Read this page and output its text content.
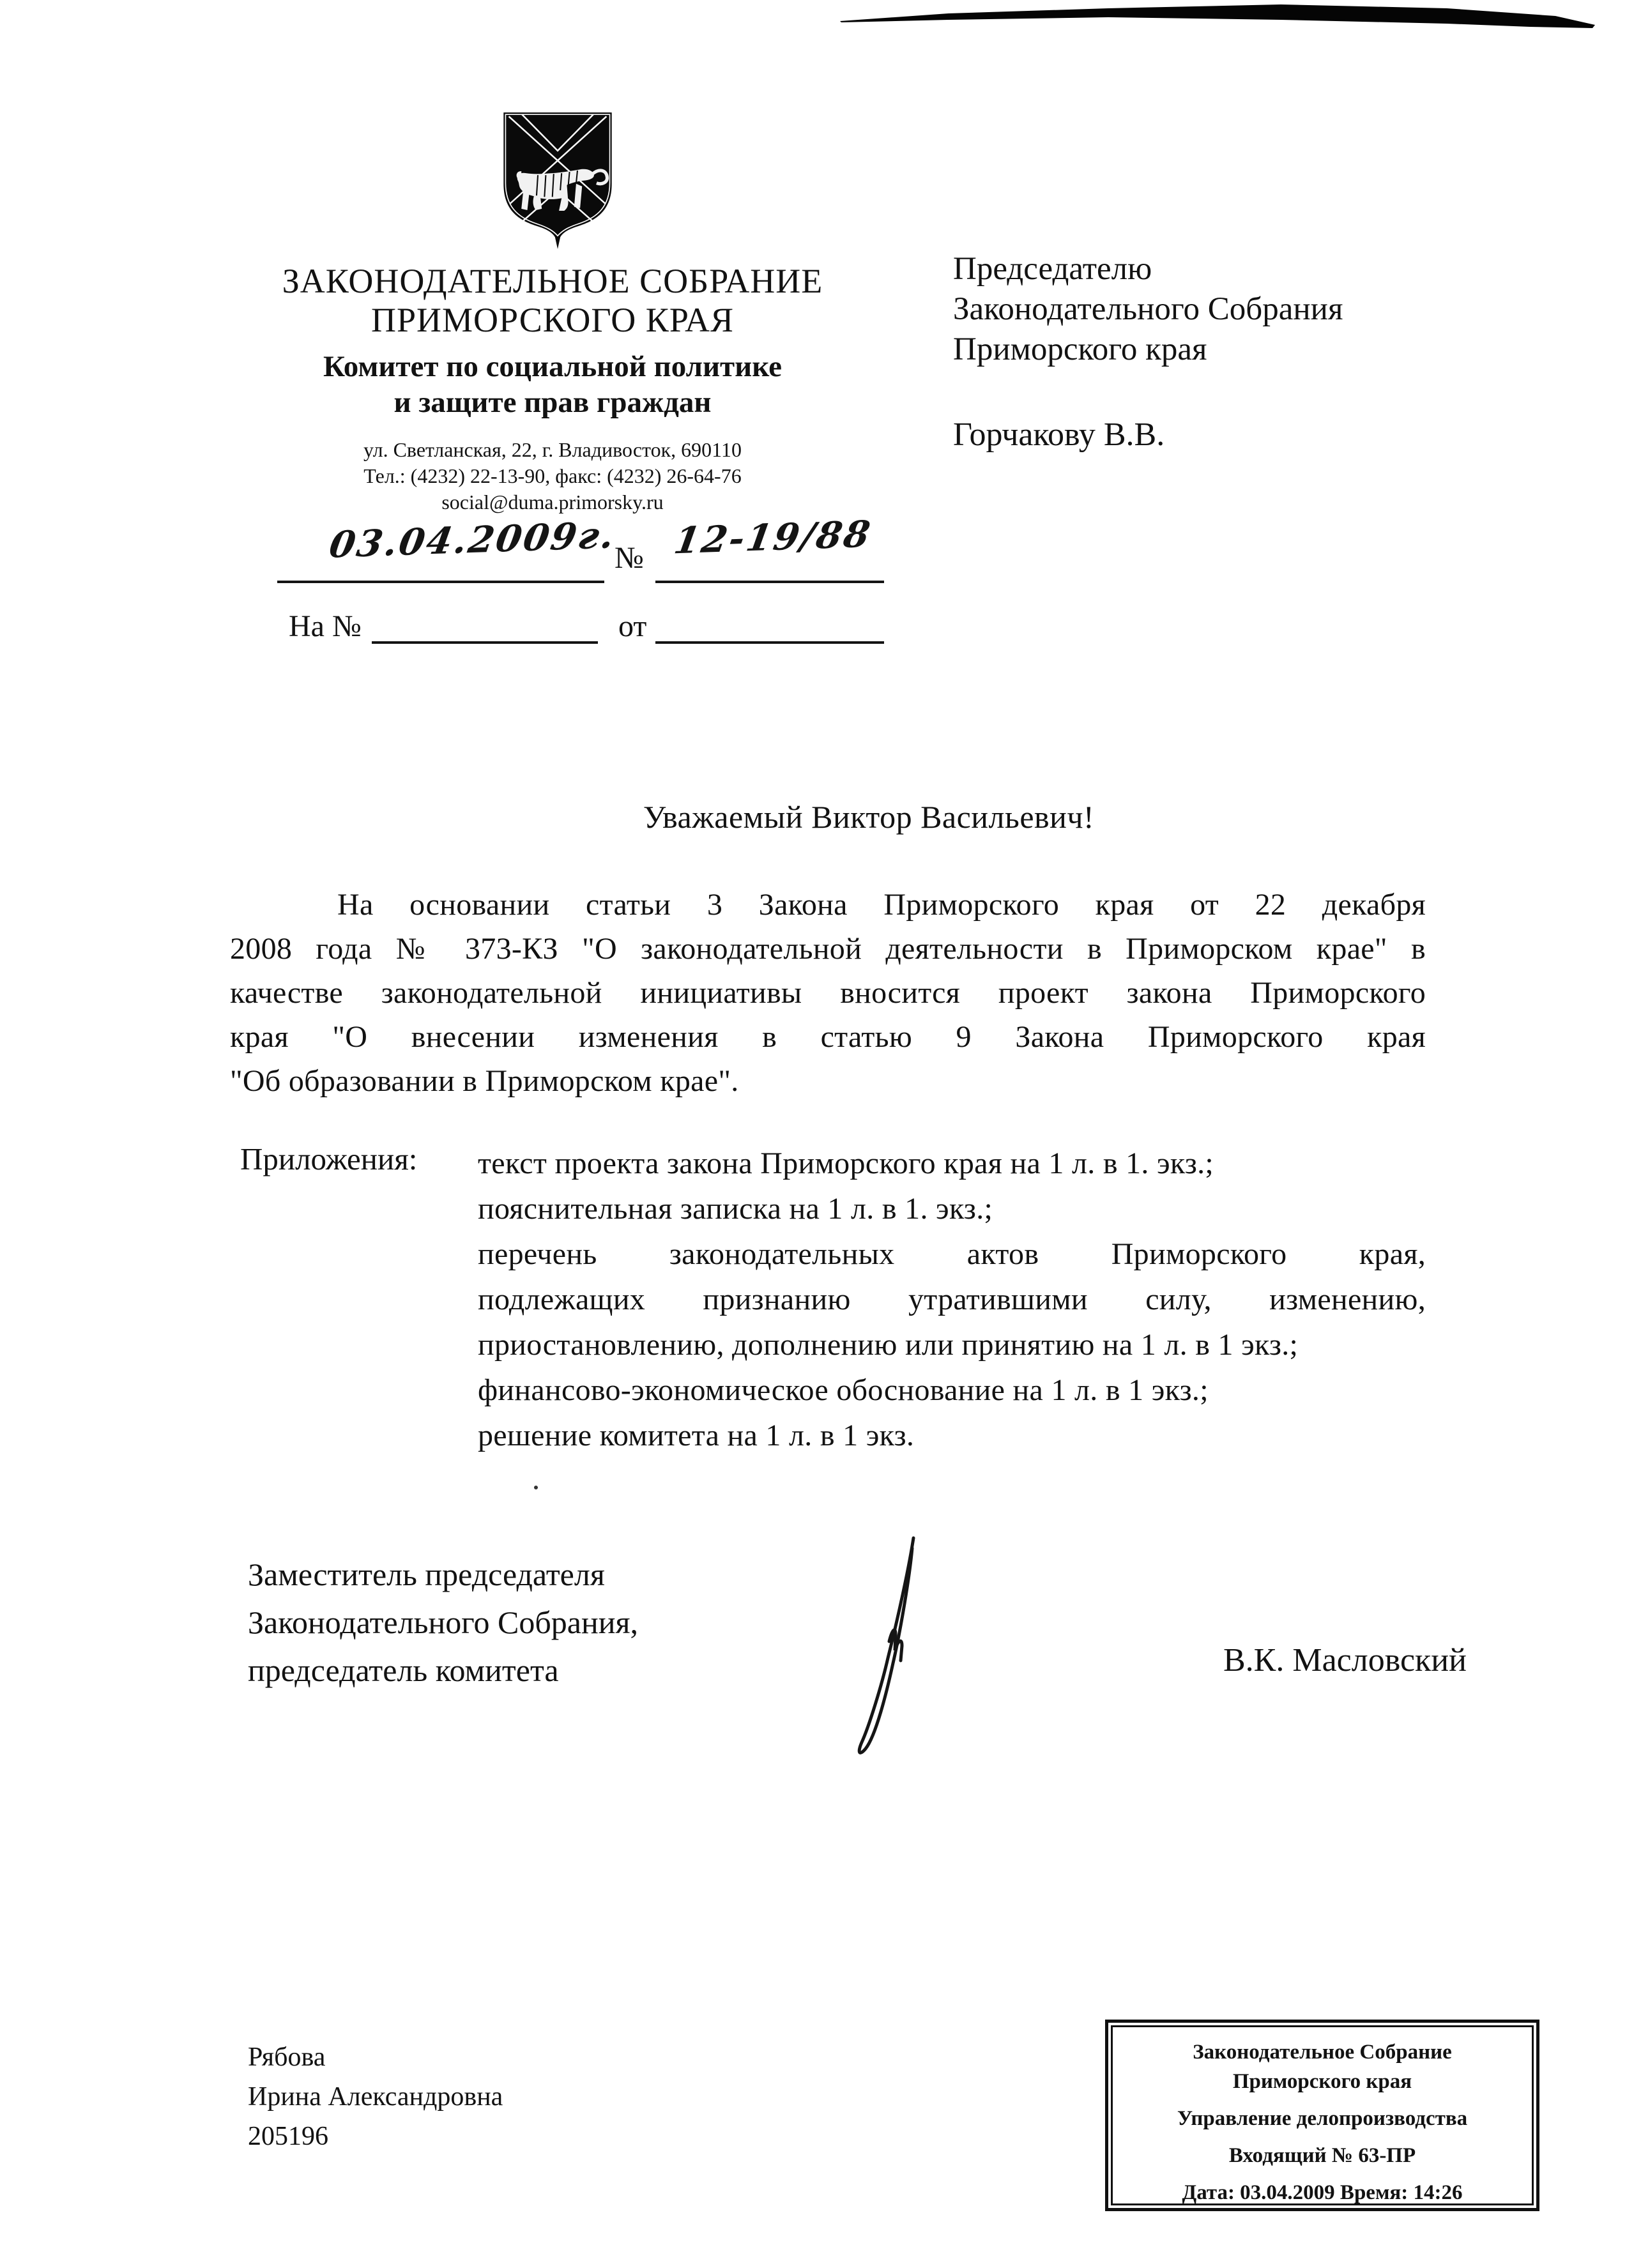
ЗАКОНОДАТЕЛЬНОЕ СОБРАНИЕ
ПРИМОРСКОГО КРАЯ
Комитет по социальной политике
и защите прав граждан
ул. Светланская, 22, г. Владивосток, 690110
Тел.: (4232) 22-13-90, факс: (4232) 26-64-76
social@duma.primorsky.ru
Председателю
Законодательного Собрания
Приморского края
Горчакову В.В.
03.04.2009г.
№ 12-19/88
На №	от
Уважаемый Виктор Васильевич!
На основании статьи 3 Закона Приморского края от 22 декабря
2008 года № 373-КЗ "О законодательной деятельности в Приморском крае" в
качестве законодательной инициативы вносится проект закона Приморского
края "О внесении изменения в статью 9 Закона Приморского края
"Об образовании в Приморском крае".
Приложения: текст проекта закона Приморского края на 1 л. в 1. экз.;
пояснительная записка на 1 л. в 1. экз.;
перечень законодательных актов Приморского края,
подлежащих признанию утратившими силу, изменению,
приостановлению, дополнению или принятию на 1 л. в 1 экз.;
финансово-экономическое обоснование на 1 л. в 1 экз.;
решение комитета на 1 л. в 1 экз.
Заместитель председателя
Законодательного Собрания,
председатель комитета	В.К. Масловский
Рябова
Ирина Александровна
205196
Законодательное Собрание
Приморского края
Управление делопроизводства
Входящий № 63-ПР
Дата: 03.04.2009 Время: 14:26
